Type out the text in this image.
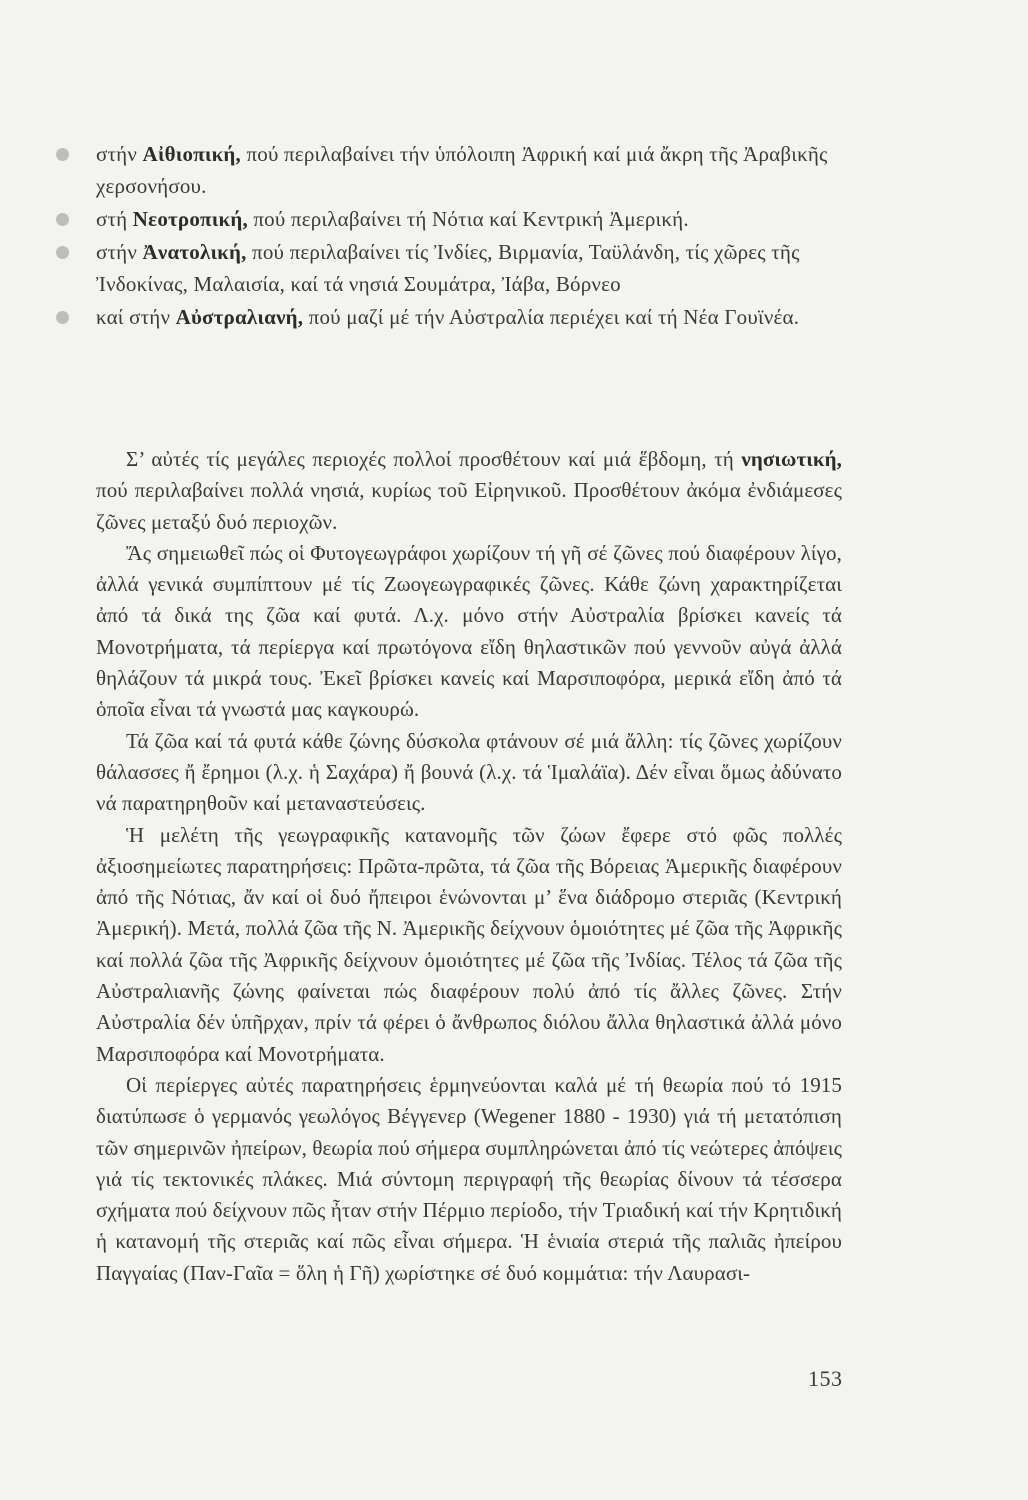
στήν Αἰθιοπική, πού περιλαβαίνει τήν ὑπόλοιπη Ἀφρική καί μιά ἄκρη τῆς Ἀραβικῆς χερσονήσου.
στή Νεοτροπική, πού περιλαβαίνει τή Νότια καί Κεντρική Ἀμερική.
στήν Ἀνατολική, πού περιλαβαίνει τίς Ἰνδίες, Βιρμανία, Ταϋλάνδη, τίς χῶρες τῆς Ἰνδοκίνας, Μαλαισία, καί τά νησιά Σουμάτρα, Ἰάβα, Βόρνεο
καί στήν Αὐστραλιανή, πού μαζί μέ τήν Αὐστραλία περιέχει καί τή Νέα Γουϊνέα.

Σ’ αὐτές τίς μεγάλες περιοχές πολλοί προσθέτουν καί μιά ἕβδομη, τή νησιωτική, πού περιλαβαίνει πολλά νησιά, κυρίως τοῦ Εἰρηνικοῦ. Προσθέτουν ἀκόμα ἐνδιάμεσες ζῶνες μεταξύ δυό περιοχῶν.

Ἄς σημειωθεῖ πώς οἱ Φυτογεωγράφοι χωρίζουν τή γῆ σέ ζῶνες πού διαφέρουν λίγο, ἀλλά γενικά συμπίπτουν μέ τίς Ζωογεωγραφικές ζῶνες. Κάθε ζώνη χαρακτηρίζεται ἀπό τά δικά της ζῶα καί φυτά. Λ.χ. μόνο στήν Αὐστραλία βρίσκει κανείς τά Μονοτρήματα, τά περίεργα καί πρωτόγονα εἴδη θηλαστικῶν πού γεννοῦν αὐγά ἀλλά θηλάζουν τά μικρά τους. Ἐκεῖ βρίσκει κανείς καί Μαρσιποφόρα, μερικά εἴδη ἀπό τά ὁποῖα εἶναι τά γνωστά μας καγκουρώ.

Τά ζῶα καί τά φυτά κάθε ζώνης δύσκολα φτάνουν σέ μιά ἄλλη: τίς ζῶνες χωρίζουν θάλασσες ἤ ἔρημοι (λ.χ. ἡ Σαχάρα) ἤ βουνά (λ.χ. τά Ἱμαλάϊα). Δέν εἶναι ὅμως ἀδύνατο νά παρατηρηθοῦν καί μεταναστεύσεις.

Ἡ μελέτη τῆς γεωγραφικῆς κατανομῆς τῶν ζώων ἔφερε στό φῶς πολλές ἀξιοσημείωτες παρατηρήσεις: Πρῶτα-πρῶτα, τά ζῶα τῆς Βόρειας Ἀμερικῆς διαφέρουν ἀπό τῆς Νότιας, ἄν καί οἱ δυό ἤπειροι ἑνώνονται μ’ ἕνα διάδρομο στεριᾶς (Κεντρική Ἀμερική). Μετά, πολλά ζῶα τῆς Ν. Ἀμερικῆς δείχνουν ὁμοιότητες μέ ζῶα τῆς Ἀφρικῆς καί πολλά ζῶα τῆς Ἀφρικῆς δείχνουν ὁμοιότητες μέ ζῶα τῆς Ἰνδίας. Τέλος τά ζῶα τῆς Αὐστραλιανῆς ζώνης φαίνεται πώς διαφέρουν πολύ ἀπό τίς ἄλλες ζῶνες. Στήν Αὐστραλία δέν ὑπῆρχαν, πρίν τά φέρει ὁ ἄνθρωπος διόλου ἄλλα θηλαστικά ἀλλά μόνο Μαρσιποφόρα καί Μονοτρήματα.

Οἱ περίεργες αὐτές παρατηρήσεις ἑρμηνεύονται καλά μέ τή θεωρία πού τό 1915 διατύπωσε ὁ γερμανός γεωλόγος Βέγγενερ (Wegener 1880 - 1930) γιά τή μετατόπιση τῶν σημερινῶν ἠπείρων, θεωρία πού σήμερα συμπληρώνεται ἀπό τίς νεώτερες ἀπόψεις γιά τίς τεκτονικές πλάκες. Μιά σύντομη περιγραφή τῆς θεωρίας δίνουν τά τέσσερα σχήματα πού δείχνουν πῶς ἦταν στήν Πέρμιο περίοδο, τήν Τριαδική καί τήν Κρητιδική ἡ κατανομή τῆς στεριᾶς καί πῶς εἶναι σήμερα. Ἡ ἑνιαία στεριά τῆς παλιᾶς ἠπείρου Παγγαίας (Παν-Γαῖα = ὅλη ἡ Γῆ) χωρίστηκε σέ δυό κομμάτια: τήν Λαυρασι-

153
